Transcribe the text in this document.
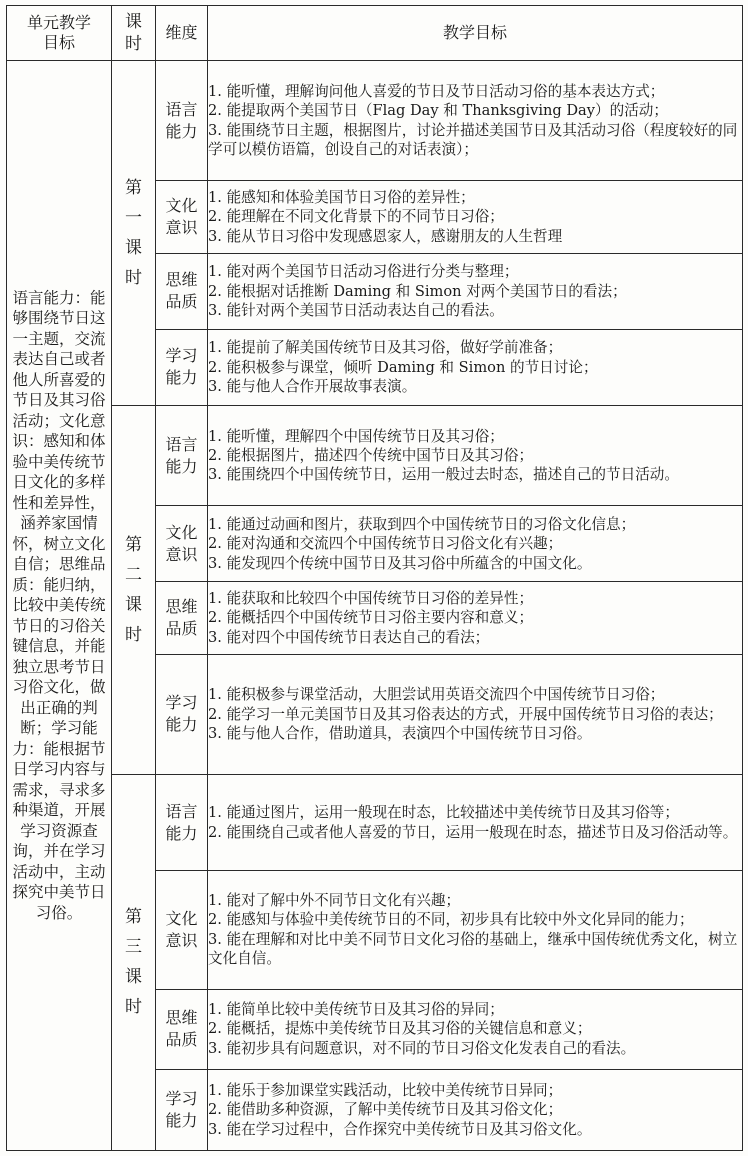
单元教学目标	课时	维度	教学目标
语言能力：能够围绕节日这一主题，交流表达自己或者他人所喜爱的节日及其习俗活动；文化意识：感知和体验中美传统节日文化的多样性和差异性，涵养家国情怀，树立文化自信；思维品质：能归纳，比较中美传统节日的习俗关键信息，并能独立思考节日习俗文化，做出正确的判断；学习能力：能根据节日学习内容与需求，寻求多种渠道，开展学习资源查询，并在学习活动中，主动探究中美节日习俗。	第一课时	语言能力	1. 能听懂，理解询问他人喜爱的节日及节日活动习俗的基本表达方式；
2. 能提取两个美国节日（Flag Day 和 Thanksgiving Day）的活动；
3. 能围绕节日主题，根据图片，讨论并描述美国节日及其活动习俗（程度较好的同学可以模仿语篇，创设自己的对话表演）；

		文化意识	1. 能感知和体验美国节日习俗的差异性；
2. 能理解在不同文化背景下的不同节日习俗；
3. 能从节日习俗中发现感恩家人，感谢朋友的人生哲理

		思维品质	1. 能对两个美国节日活动习俗进行分类与整理；
2. 能根据对话推断 Daming 和 Simon 对两个美国节日的看法；
3. 能针对两个美国节日活动表达自己的看法。

		学习能力	1. 能提前了解美国传统节日及其习俗，做好学前准备；
2. 能积极参与课堂，倾听 Daming 和 Simon 的节日讨论；
3. 能与他人合作开展故事表演。

	第二课时	语言能力	1. 能听懂，理解四个中国传统节日及其习俗；
2. 能根据图片，描述四个传统中国节日及其习俗；
3. 能围绕四个中国传统节日，运用一般过去时态，描述自己的节日活动。

		文化意识	1. 能通过动画和图片，获取到四个中国传统节日的习俗文化信息；
2. 能对沟通和交流四个中国传统节日习俗文化有兴趣；
3. 能发现四个传统中国节日及其习俗中所蕴含的中国文化。

		思维品质	1. 能获取和比较四个中国传统节日习俗的差异性；
2. 能概括四个中国传统节日习俗主要内容和意义；
3. 能对四个中国传统节日表达自己的看法；

		学习能力	1. 能积极参与课堂活动，大胆尝试用英语交流四个中国传统节日习俗；
2. 能学习一单元美国节日及其习俗表达的方式，开展中国传统节日习俗的表达；
3. 能与他人合作，借助道具，表演四个中国传统节日习俗。

	第三课时	语言能力	1. 能通过图片，运用一般现在时态，比较描述中美传统节日及其习俗等；
2. 能围绕自己或者他人喜爱的节日，运用一般现在时态，描述节日及习俗活动等。

		文化意识	1. 能对了解中外不同节日文化有兴趣；
2. 能感知与体验中美传统节日的不同，初步具有比较中外文化异同的能力；
3. 能在理解和对比中美不同节日文化习俗的基础上，继承中国传统优秀文化，树立文化自信。

		思维品质	1. 能简单比较中美传统节日及其习俗的异同；
2. 能概括，提炼中美传统节日及其习俗的关键信息和意义；
3. 能初步具有问题意识，对不同的节日习俗文化发表自己的看法。

		学习能力	1. 能乐于参加课堂实践活动，比较中美传统节日异同；
2. 能借助多种资源，了解中美传统节日及其习俗文化；
3. 能在学习过程中，合作探究中美传统节日及其习俗文化。
